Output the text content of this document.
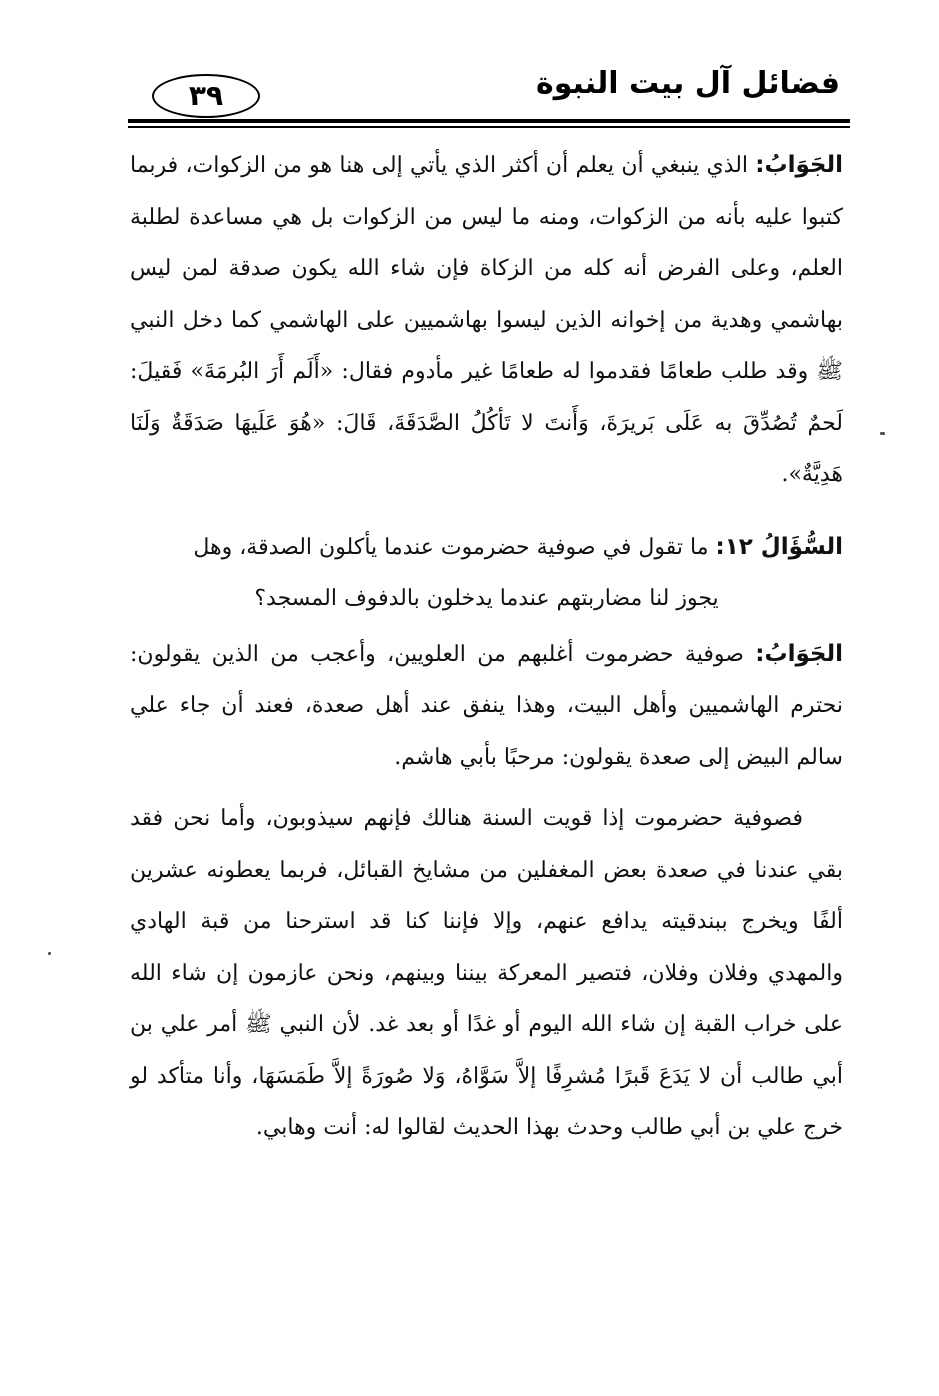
فضائل آل بيت النبوة
٣٩

الجَوَابُ: الذي ينبغي أن يعلم أن أكثر الذي يأتي إلى هنا هو من الزكوات، فربما كتبوا عليه بأنه من الزكوات، ومنه ما ليس من الزكوات بل هي مساعدة لطلبة العلم، وعلى الفرض أنه كله من الزكاة فإن شاء الله يكون صدقة لمن ليس بهاشمي وهدية من إخوانه الذين ليسوا بهاشميين على الهاشمي كما دخل النبي ﷺ وقد طلب طعامًا فقدموا له طعامًا غير مأدوم فقال: «أَلَم أَرَ البُرمَةَ» فَقيلَ: لَحمٌ تُصُدِّقَ به عَلَى بَريرَةَ، وَأَنتَ لا تَأكُلُ الصَّدَقَةَ، قَالَ: «هُوَ عَلَيهَا صَدَقَةٌ وَلَنَا هَدِيَّةٌ».

السُّؤَالُ ١٢: ما تقول في صوفية حضرموت عندما يأكلون الصدقة، وهل

يجوز لنا مضاربتهم عندما يدخلون بالدفوف المسجد؟

الجَوَابُ: صوفية حضرموت أغلبهم من العلويين، وأعجب من الذين يقولون: نحترم الهاشميين وأهل البيت، وهذا ينفق عند أهل صعدة، فعند أن جاء علي سالم البيض إلى صعدة يقولون: مرحبًا بأبي هاشم.

فصوفية حضرموت إذا قويت السنة هنالك فإنهم سيذوبون، وأما نحن فقد بقي عندنا في صعدة بعض المغفلين من مشايخ القبائل، فربما يعطونه عشرين ألفًا ويخرج ببندقيته يدافع عنهم، وإلا فإننا كنا قد استرحنا من قبة الهادي والمهدي وفلان وفلان، فتصير المعركة بيننا وبينهم، ونحن عازمون إن شاء الله على خراب القبة إن شاء الله اليوم أو غدًا أو بعد غد. لأن النبي ﷺ أمر علي بن أبي طالب أن لا يَدَعَ قَبرًا مُشرِفًا إلاَّ سَوَّاهُ، وَلا صُورَةً إلاَّ طَمَسَهَا، وأنا متأكد لو خرج علي بن أبي طالب وحدث بهذا الحديث لقالوا له: أنت وهابي.
